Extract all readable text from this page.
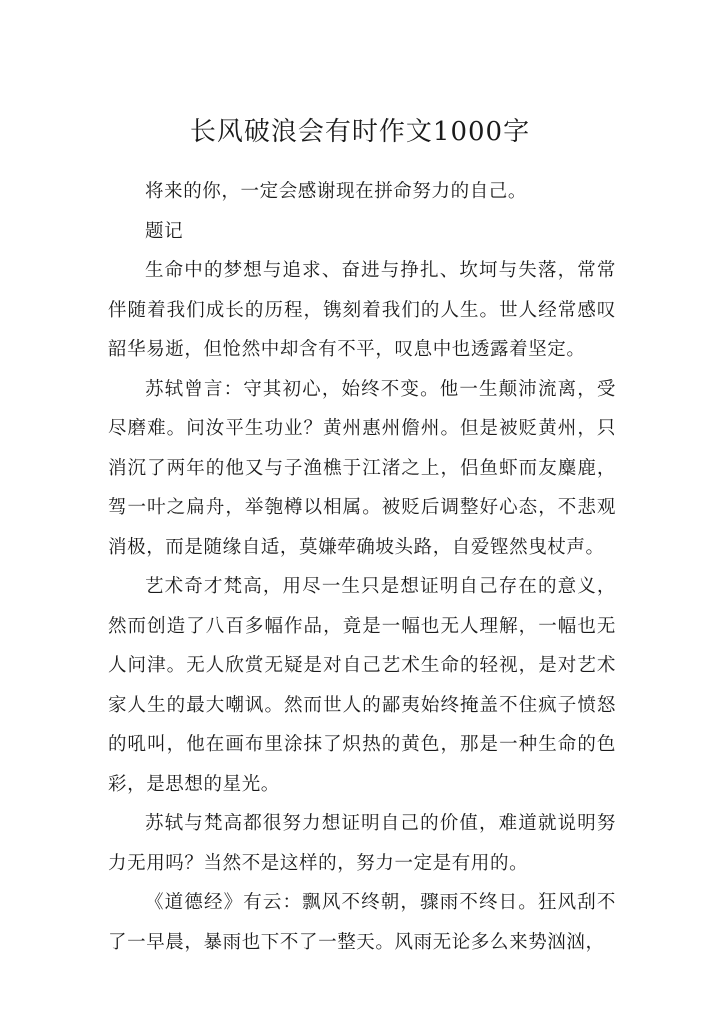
长风破浪会有时作文1000字

将来的你，一定会感谢现在拼命努力的自己。

题记

生命中的梦想与追求、奋进与挣扎、坎坷与失落，常常伴随着我们成长的历程，镌刻着我们的人生。世人经常感叹韶华易逝，但怆然中却含有不平，叹息中也透露着坚定。

苏轼曾言：守其初心，始终不变。他一生颠沛流离，受尽磨难。问汝平生功业？黄州惠州儋州。但是被贬黄州，只消沉了两年的他又与子渔樵于江渚之上，侣鱼虾而友麋鹿，驾一叶之扁舟，举匏樽以相属。被贬后调整好心态，不悲观消极，而是随缘自适，莫嫌荦确坡头路，自爱铿然曳杖声。

艺术奇才梵高，用尽一生只是想证明自己存在的意义，然而创造了八百多幅作品，竟是一幅也无人理解，一幅也无人问津。无人欣赏无疑是对自己艺术生命的轻视，是对艺术家人生的最大嘲讽。然而世人的鄙夷始终掩盖不住疯子愤怒的吼叫，他在画布里涂抹了炽热的黄色，那是一种生命的色彩，是思想的星光。

苏轼与梵高都很努力想证明自己的价值，难道就说明努力无用吗？当然不是这样的，努力一定是有用的。

《道德经》有云：飘风不终朝，骤雨不终日。狂风刮不了一早晨，暴雨也下不了一整天。风雨无论多么来势汹汹，
